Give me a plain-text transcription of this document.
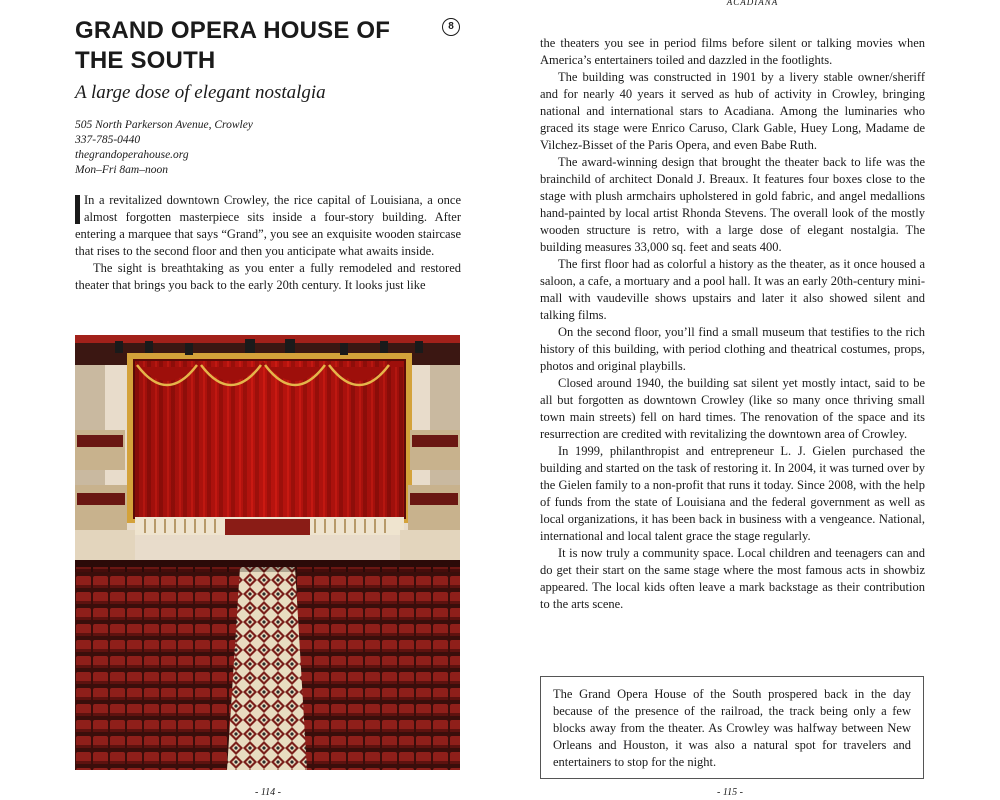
GRAND OPERA HOUSE OF THE SOUTH
8
A large dose of elegant nostalgia
505 North Parkerson Avenue, Crowley
337-785-0440
thegrandoperahouse.org
Mon–Fri 8am–noon

In a revitalized downtown Crowley, the rice capital of Louisiana, a once almost forgotten masterpiece sits inside a four-story building. After entering a marquee that says “Grand”, you see an exquisite wooden staircase that rises to the second floor and then you anticipate what awaits inside.

The sight is breathtaking as you enter a fully remodeled and restored theater that brings you back to the early 20th century. It looks just like

- 114 -
ACADIANA

the theaters you see in period films before silent or talking movies when America’s entertainers toiled and dazzled in the footlights.

The building was constructed in 1901 by a livery stable owner/sheriff and for nearly 40 years it served as hub of activity in Crowley, bringing national and international stars to Acadiana. Among the luminaries who graced its stage were Enrico Caruso, Clark Gable, Huey Long, Madame de Vilchez-Bisset of the Paris Opera, and even Babe Ruth.

The award-winning design that brought the theater back to life was the brainchild of architect Donald J. Breaux. It features four boxes close to the stage with plush armchairs upholstered in gold fabric, and angel medallions hand-painted by local artist Rhonda Stevens. The overall look of the mostly wooden structure is retro, with a large dose of elegant nostalgia. The building measures 33,000 sq. feet and seats 400.

The first floor had as colorful a history as the theater, as it once housed a saloon, a cafe, a mortuary and a pool hall. It was an early 20th-century mini-mall with vaudeville shows upstairs and later it also showed silent and talking films.

On the second floor, you’ll find a small museum that testifies to the rich history of this building, with period clothing and theatrical costumes, props, photos and original playbills.

Closed around 1940, the building sat silent yet mostly intact, said to be all but forgotten as downtown Crowley (like so many once thriving small town main streets) fell on hard times. The renovation of the space and its resurrection are credited with revitalizing the downtown area of Crowley.

In 1999, philanthropist and entrepreneur L. J. Gielen purchased the building and started on the task of restoring it. In 2004, it was turned over by the Gielen family to a non-profit that runs it today. Since 2008, with the help of funds from the state of Louisiana and the federal government as well as local organizations, it has been back in business with a vengeance. National, international and local talent grace the stage regularly.

It is now truly a community space. Local children and teenagers can and do get their start on the same stage where the most famous acts in showbiz appeared. The local kids often leave a mark backstage as their contribution to the arts scene.

The Grand Opera House of the South prospered back in the day because of the presence of the railroad, the track being only a few blocks away from the theater. As Crowley was halfway between New Orleans and Houston, it was also a natural spot for travelers and entertainers to stop for the night.

- 115 -
